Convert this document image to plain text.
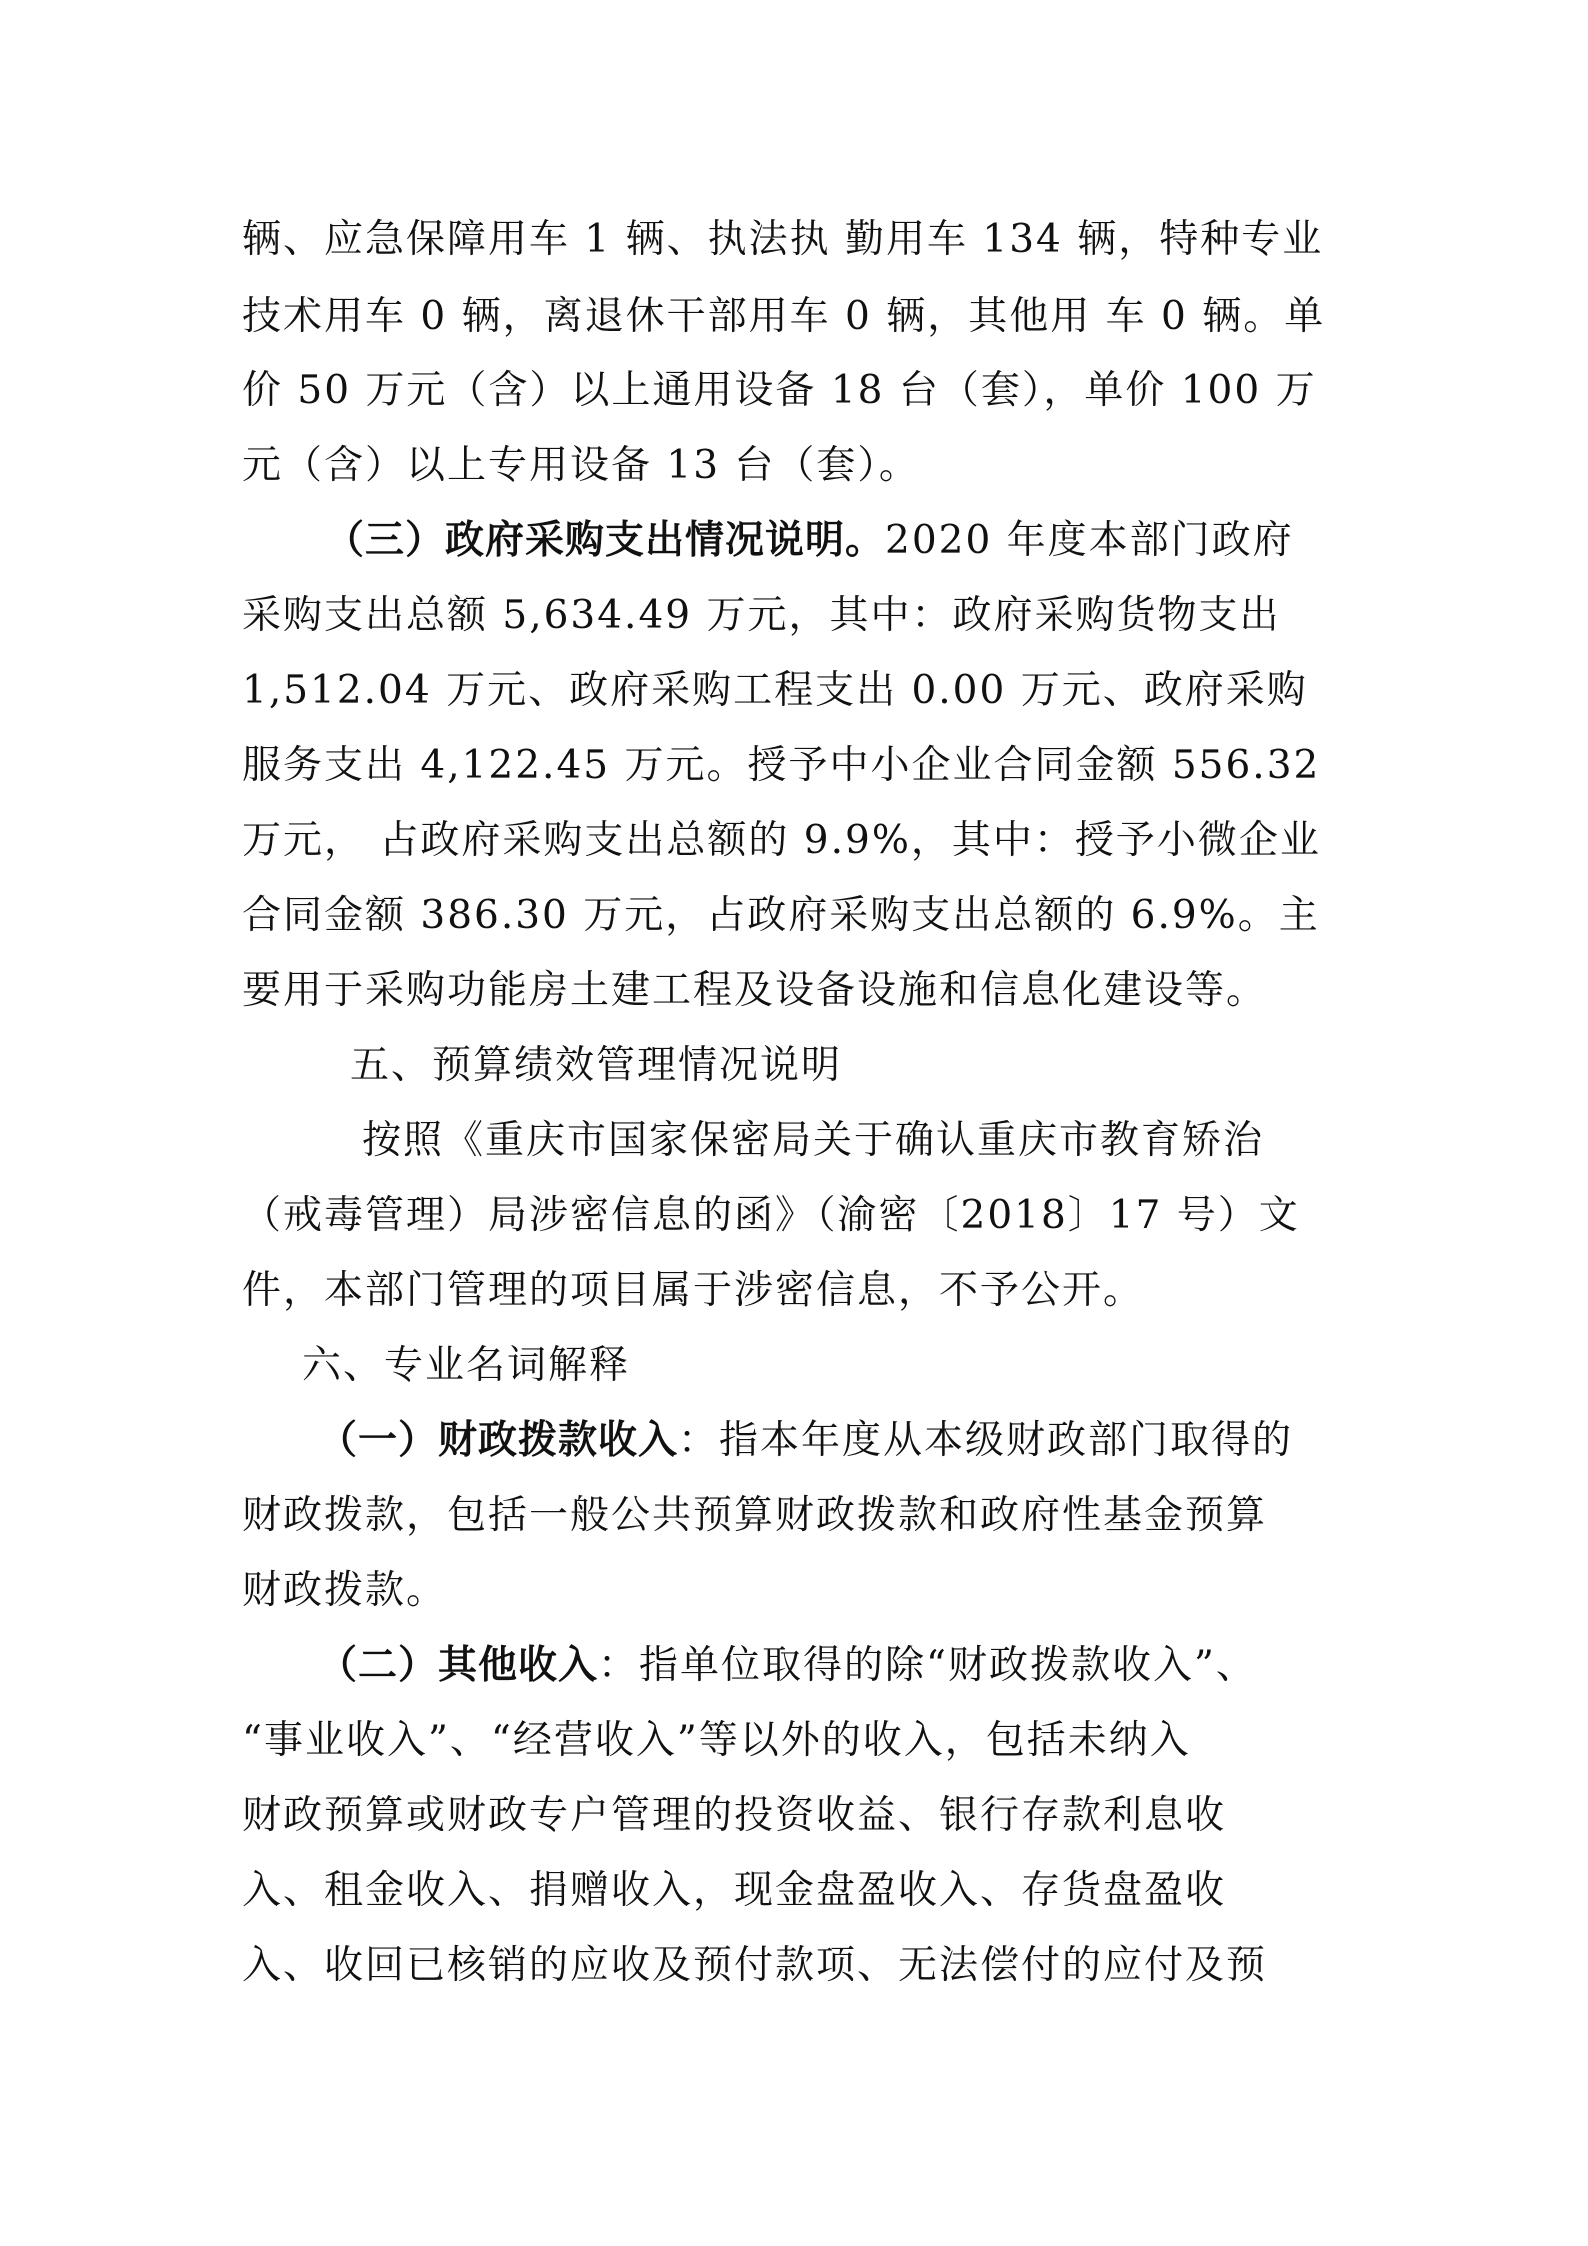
辆、应急保障用车 1 辆、执法执 勤用车 134 辆，特种专业
技术用车 0 辆，离退休干部用车 0 辆，其他用 车 0 辆。单
价 50 万元（含）以上通用设备 18 台（套），单价 100 万
元（含）以上专用设备 13 台（套）。
（三）政府采购支出情况说明。2020 年度本部门政府
采购支出总额 5,634.49 万元，其中：政府采购货物支出
1,512.04 万元、政府采购工程支出 0.00 万元、政府采购
服务支出 4,122.45 万元。授予中小企业合同金额 556.32
万元， 占政府采购支出总额的 9.9%，其中：授予小微企业
合同金额 386.30 万元，占政府采购支出总额的 6.9%。主
要用于采购功能房土建工程及设备设施和信息化建设等。
五、预算绩效管理情况说明
按照《重庆市国家保密局关于确认重庆市教育矫治
（戒毒管理）局涉密信息的函》（渝密〔2018〕17 号）文
件，本部门管理的项目属于涉密信息，不予公开。
六、专业名词解释
（一）财政拨款收入：指本年度从本级财政部门取得的
财政拨款，包括一般公共预算财政拨款和政府性基金预算
财政拨款。
（二）其他收入：指单位取得的除“财政拨款收入”、
“事业收入”、“经营收入”等以外的收入，包括未纳入
财政预算或财政专户管理的投资收益、银行存款利息收
入、租金收入、捐赠收入，现金盘盈收入、存货盘盈收
入、收回已核销的应收及预付款项、无法偿付的应付及预
